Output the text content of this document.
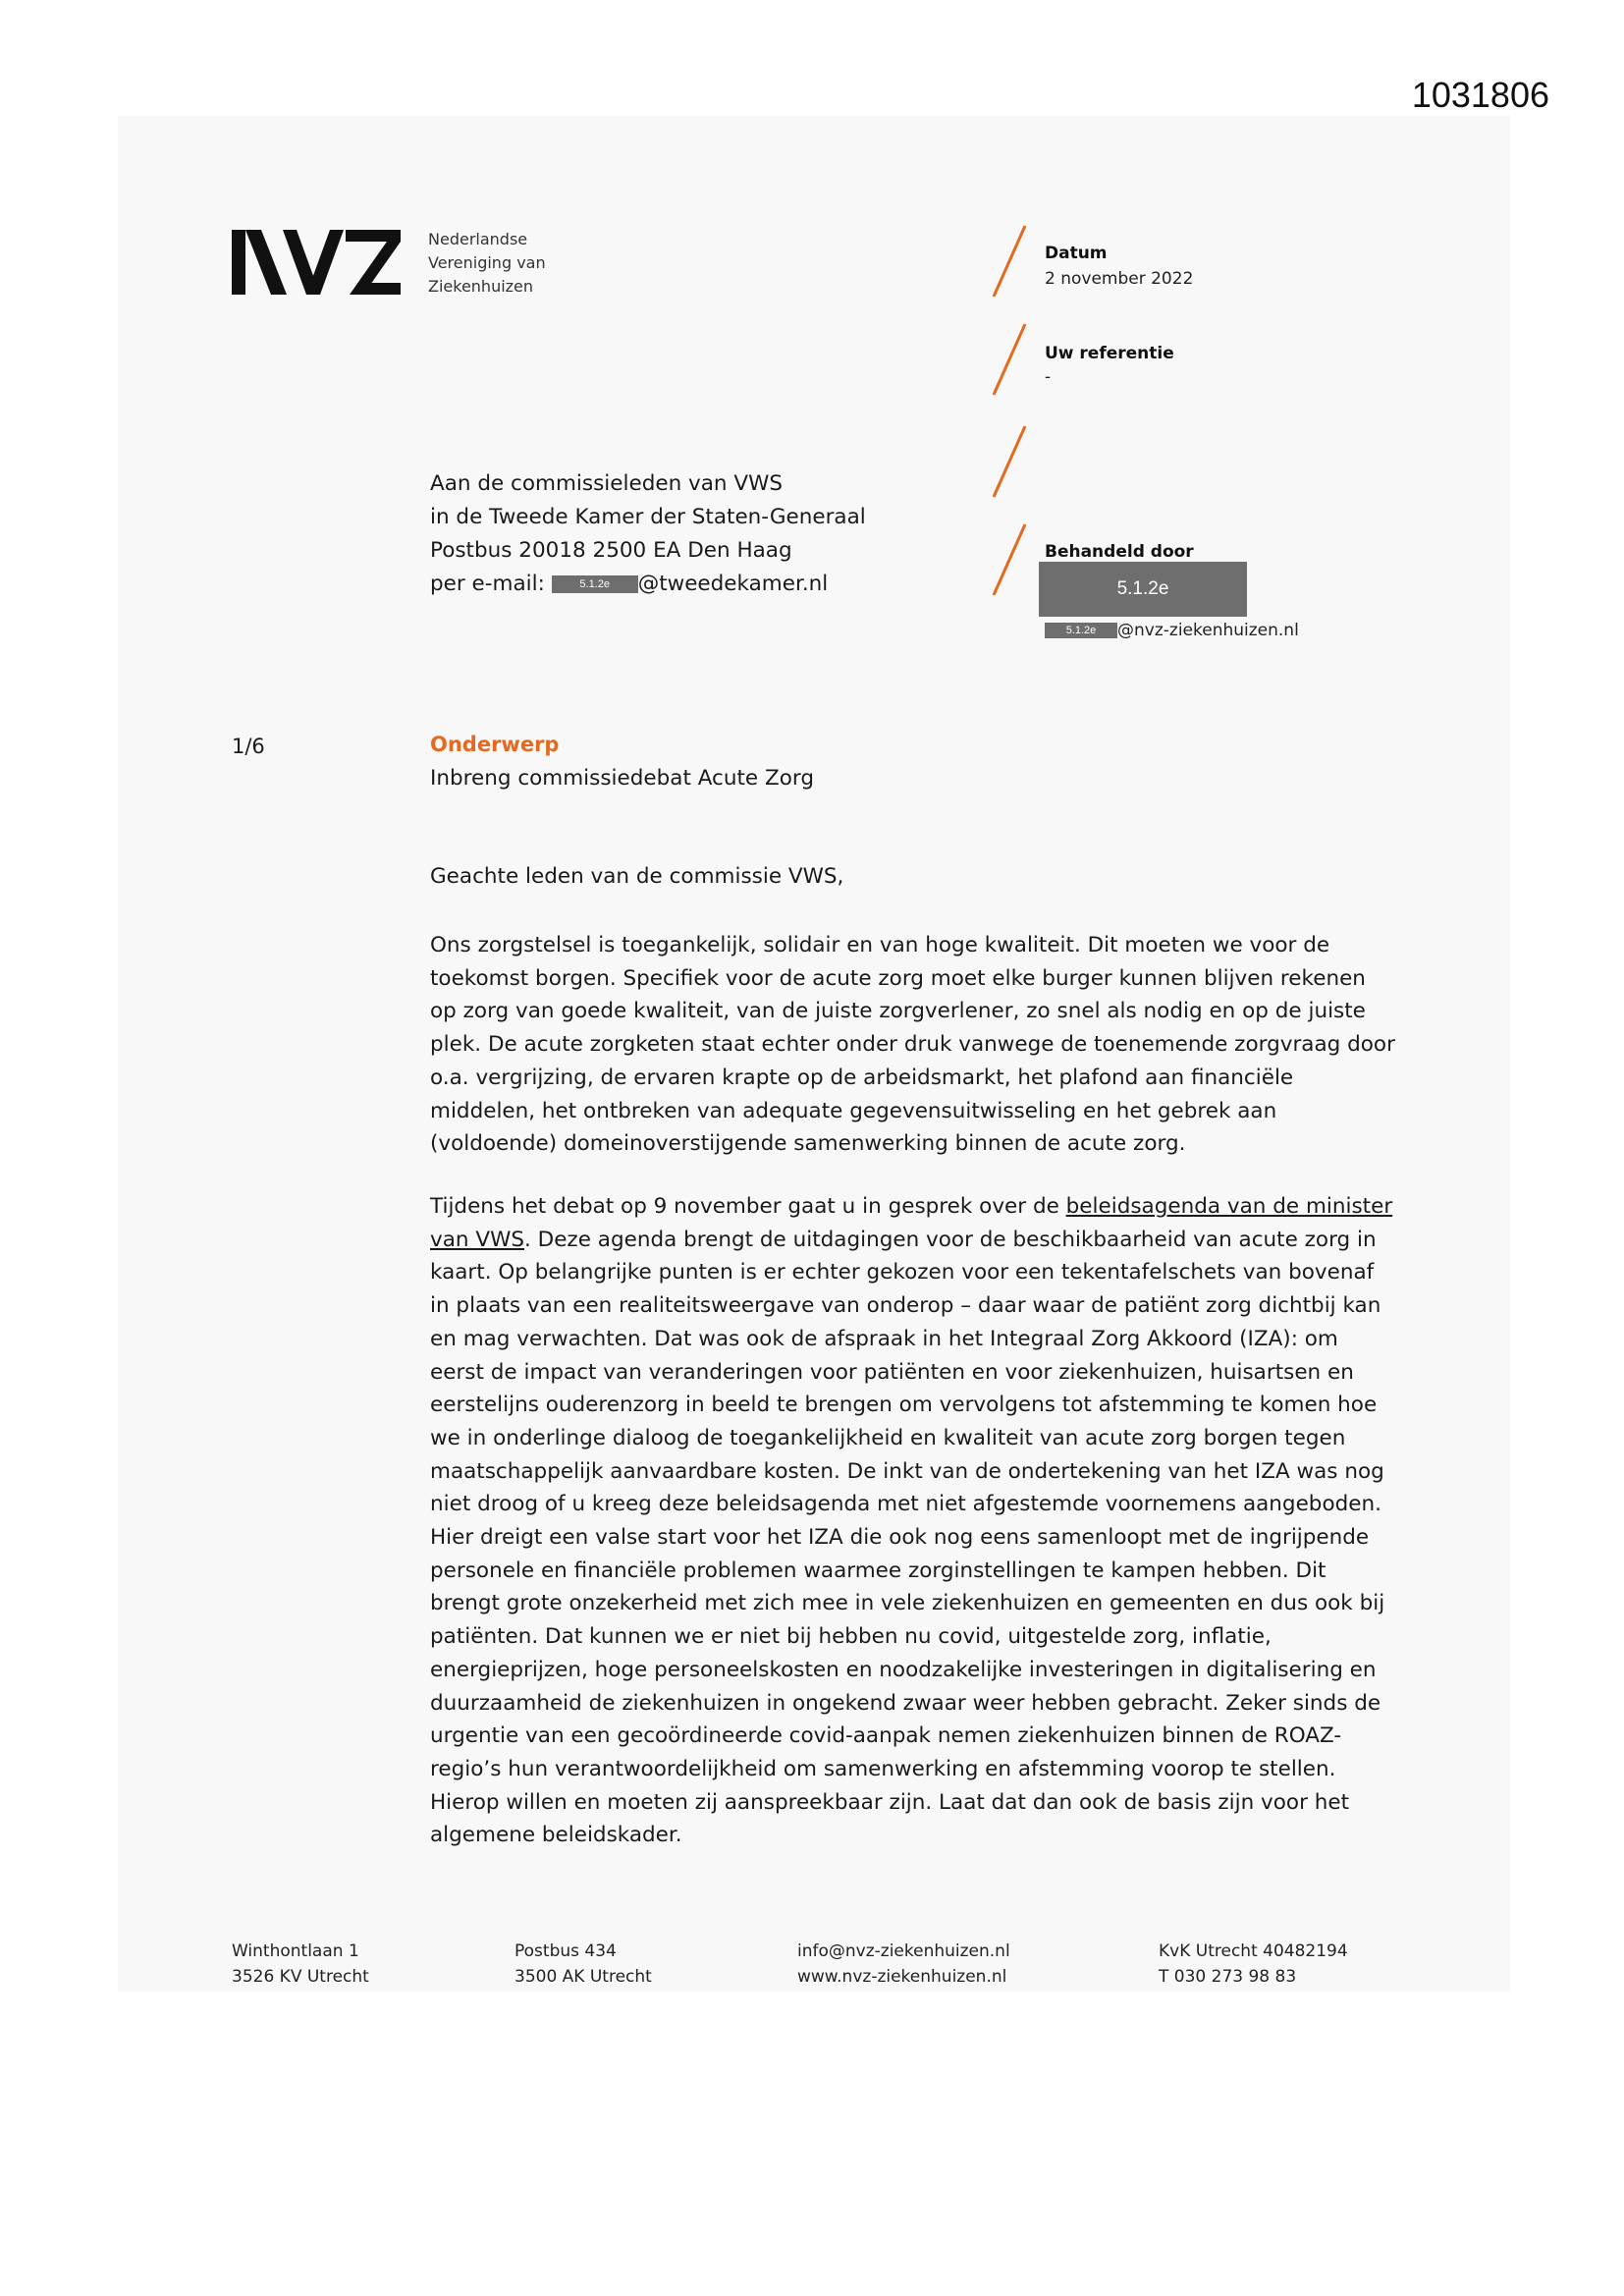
1031806
Nederlandse
Vereniging van
Ziekenhuizen
Datum
2 november 2022
Uw referentie
-
Behandeld door
5.1.2e
5.1.2e @nvz-ziekenhuizen.nl
Aan de commissieleden van VWS
in de Tweede Kamer der Staten-Generaal
Postbus 20018 2500 EA Den Haag
per e-mail:	5.1.2e @tweedekamer.nl
1/6	Onderwerp
Inbreng commissiedebat Acute Zorg
Geachte leden van de commissie VWS,
Ons zorgstelsel is toegankelijk, solidair en van hoge kwaliteit. Dit moeten we voor de
toekomst borgen. Specifiek voor de acute zorg moet elke burger kunnen blijven rekenen
op zorg van goede kwaliteit, van de juiste zorgverlener, zo snel als nodig en op de juiste
plek. De acute zorgketen staat echter onder druk vanwege de toenemende zorgvraag door
o.a. vergrijzing, de ervaren krapte op de arbeidsmarkt, het plafond aan financiële
middelen, het ontbreken van adequate gegevensuitwisseling en het gebrek aan
(voldoende) domeinoverstijgende samenwerking binnen de acute zorg.
Tijdens het debat op 9 november gaat u in gesprek over de beleidsagenda van de minister
van VWS. Deze agenda brengt de uitdagingen voor de beschikbaarheid van acute zorg in
kaart. Op belangrijke punten is er echter gekozen voor een tekentafelschets van bovenaf
in plaats van een realiteitsweergave van onderop – daar waar de patiënt zorg dichtbij kan
en mag verwachten. Dat was ook de afspraak in het Integraal Zorg Akkoord (IZA): om
eerst de impact van veranderingen voor patiënten en voor ziekenhuizen, huisartsen en
eerstelijns ouderenzorg in beeld te brengen om vervolgens tot afstemming te komen hoe
we in onderlinge dialoog de toegankelijkheid en kwaliteit van acute zorg borgen tegen
maatschappelijk aanvaardbare kosten. De inkt van de ondertekening van het IZA was nog
niet droog of u kreeg deze beleidsagenda met niet afgestemde voornemens aangeboden.
Hier dreigt een valse start voor het IZA die ook nog eens samenloopt met de ingrijpende
personele en financiële problemen waarmee zorginstellingen te kampen hebben. Dit
brengt grote onzekerheid met zich mee in vele ziekenhuizen en gemeenten en dus ook bij
patiënten. Dat kunnen we er niet bij hebben nu covid, uitgestelde zorg, inflatie,
energieprijzen, hoge personeelskosten en noodzakelijke investeringen in digitalisering en
duurzaamheid de ziekenhuizen in ongekend zwaar weer hebben gebracht. Zeker sinds de
urgentie van een gecoördineerde covid-aanpak nemen ziekenhuizen binnen de ROAZ-
regio’s hun verantwoordelijkheid om samenwerking en afstemming voorop te stellen.
Hierop willen en moeten zij aanspreekbaar zijn. Laat dat dan ook de basis zijn voor het
algemene beleidskader.
Winthontlaan 1
3526 KV Utrecht
Postbus 434
3500 AK Utrecht
info@nvz-ziekenhuizen.nl
www.nvz-ziekenhuizen.nl
KvK Utrecht 40482194
T 030 273 98 83
